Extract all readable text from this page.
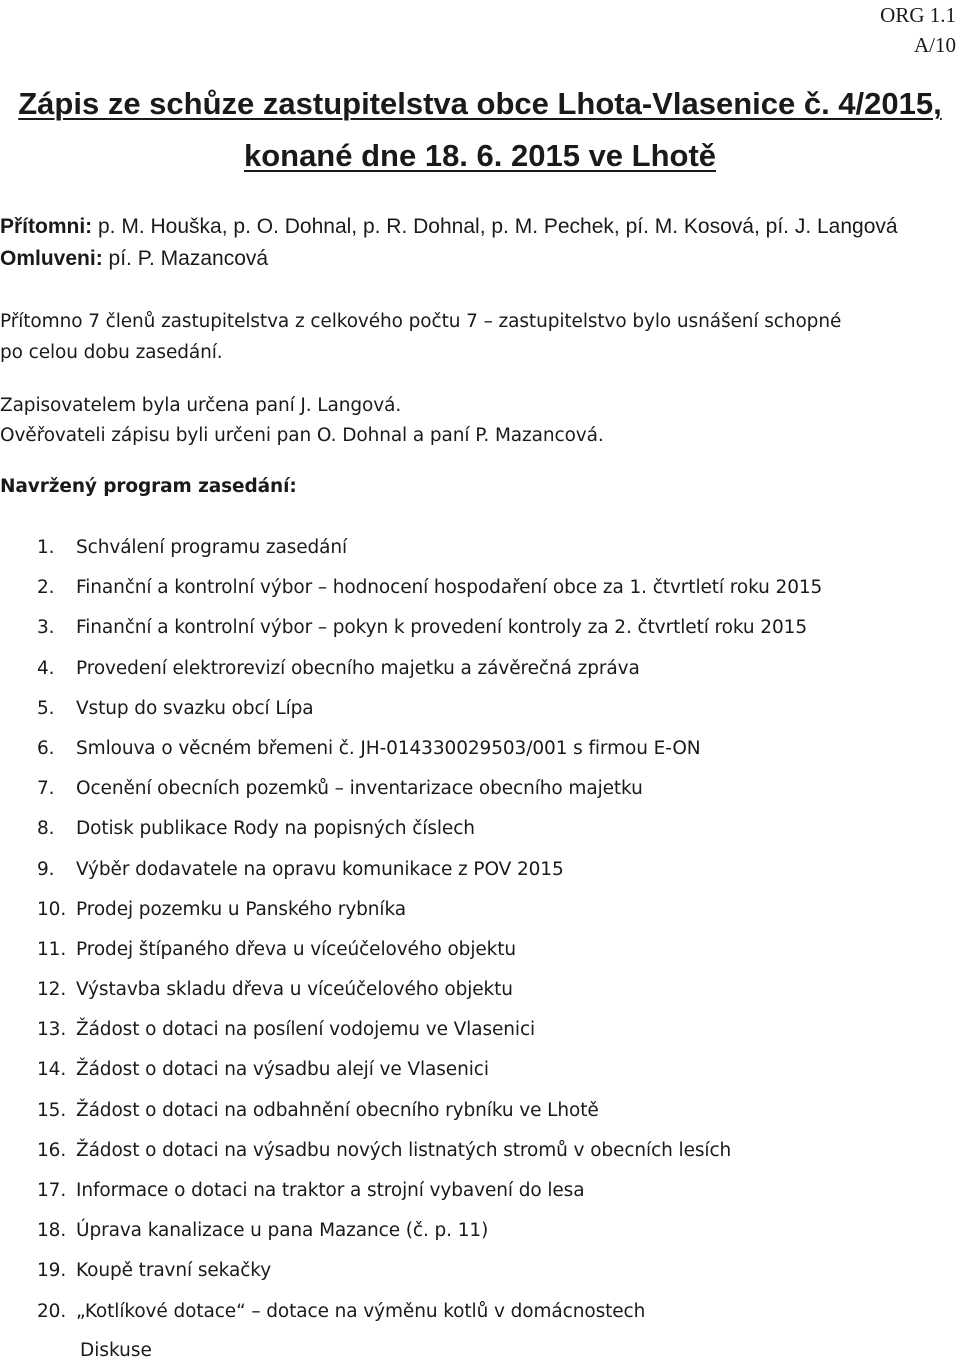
ORG 1.1
A/10
Zápis ze schůze zastupitelstva obce Lhota-Vlasenice č. 4/2015,
konané dne 18. 6. 2015 ve Lhotě
Přítomni: p. M. Houška, p. O. Dohnal, p. R. Dohnal, p. M. Pechek, pí. M. Kosová, pí. J. Langová
Omluveni: pí. P. Mazancová
Přítomno 7 členů zastupitelstva z celkového počtu 7 – zastupitelstvo bylo usnášení schopné
po celou dobu zasedání.
Zapisovatelem byla určena paní J. Langová.
Ověřovateli zápisu byli určeni pan O. Dohnal a paní P. Mazancová.
Navržený program zasedání:
1. Schválení programu zasedání
2. Finanční a kontrolní výbor – hodnocení hospodaření obce za 1. čtvrtletí roku 2015
3. Finanční a kontrolní výbor – pokyn k provedení kontroly za 2. čtvrtletí roku 2015
4. Provedení elektrorevizí obecního majetku a závěrečná zpráva
5. Vstup do svazku obcí Lípa
6. Smlouva o věcném břemeni č. JH-014330029503/001 s firmou E-ON
7. Ocenění obecních pozemků – inventarizace obecního majetku
8. Dotisk publikace Rody na popisných číslech
9. Výběr dodavatele na opravu komunikace z POV 2015
10. Prodej pozemku u Panského rybníka
11. Prodej štípaného dřeva u víceúčelového objektu
12. Výstavba skladu dřeva u víceúčelového objektu
13. Žádost o dotaci na posílení vodojemu ve Vlasenici
14. Žádost o dotaci na výsadbu alejí ve Vlasenici
15. Žádost o dotaci na odbahnění obecního rybníku ve Lhotě
16. Žádost o dotaci na výsadbu nových listnatých stromů v obecních lesích
17. Informace o dotaci na traktor a strojní vybavení do lesa
18. Úprava kanalizace u pana Mazance (č. p. 11)
19. Koupě travní sekačky
20. „Kotlíkové dotace“ – dotace na výměnu kotlů v domácnostech
Diskuse
